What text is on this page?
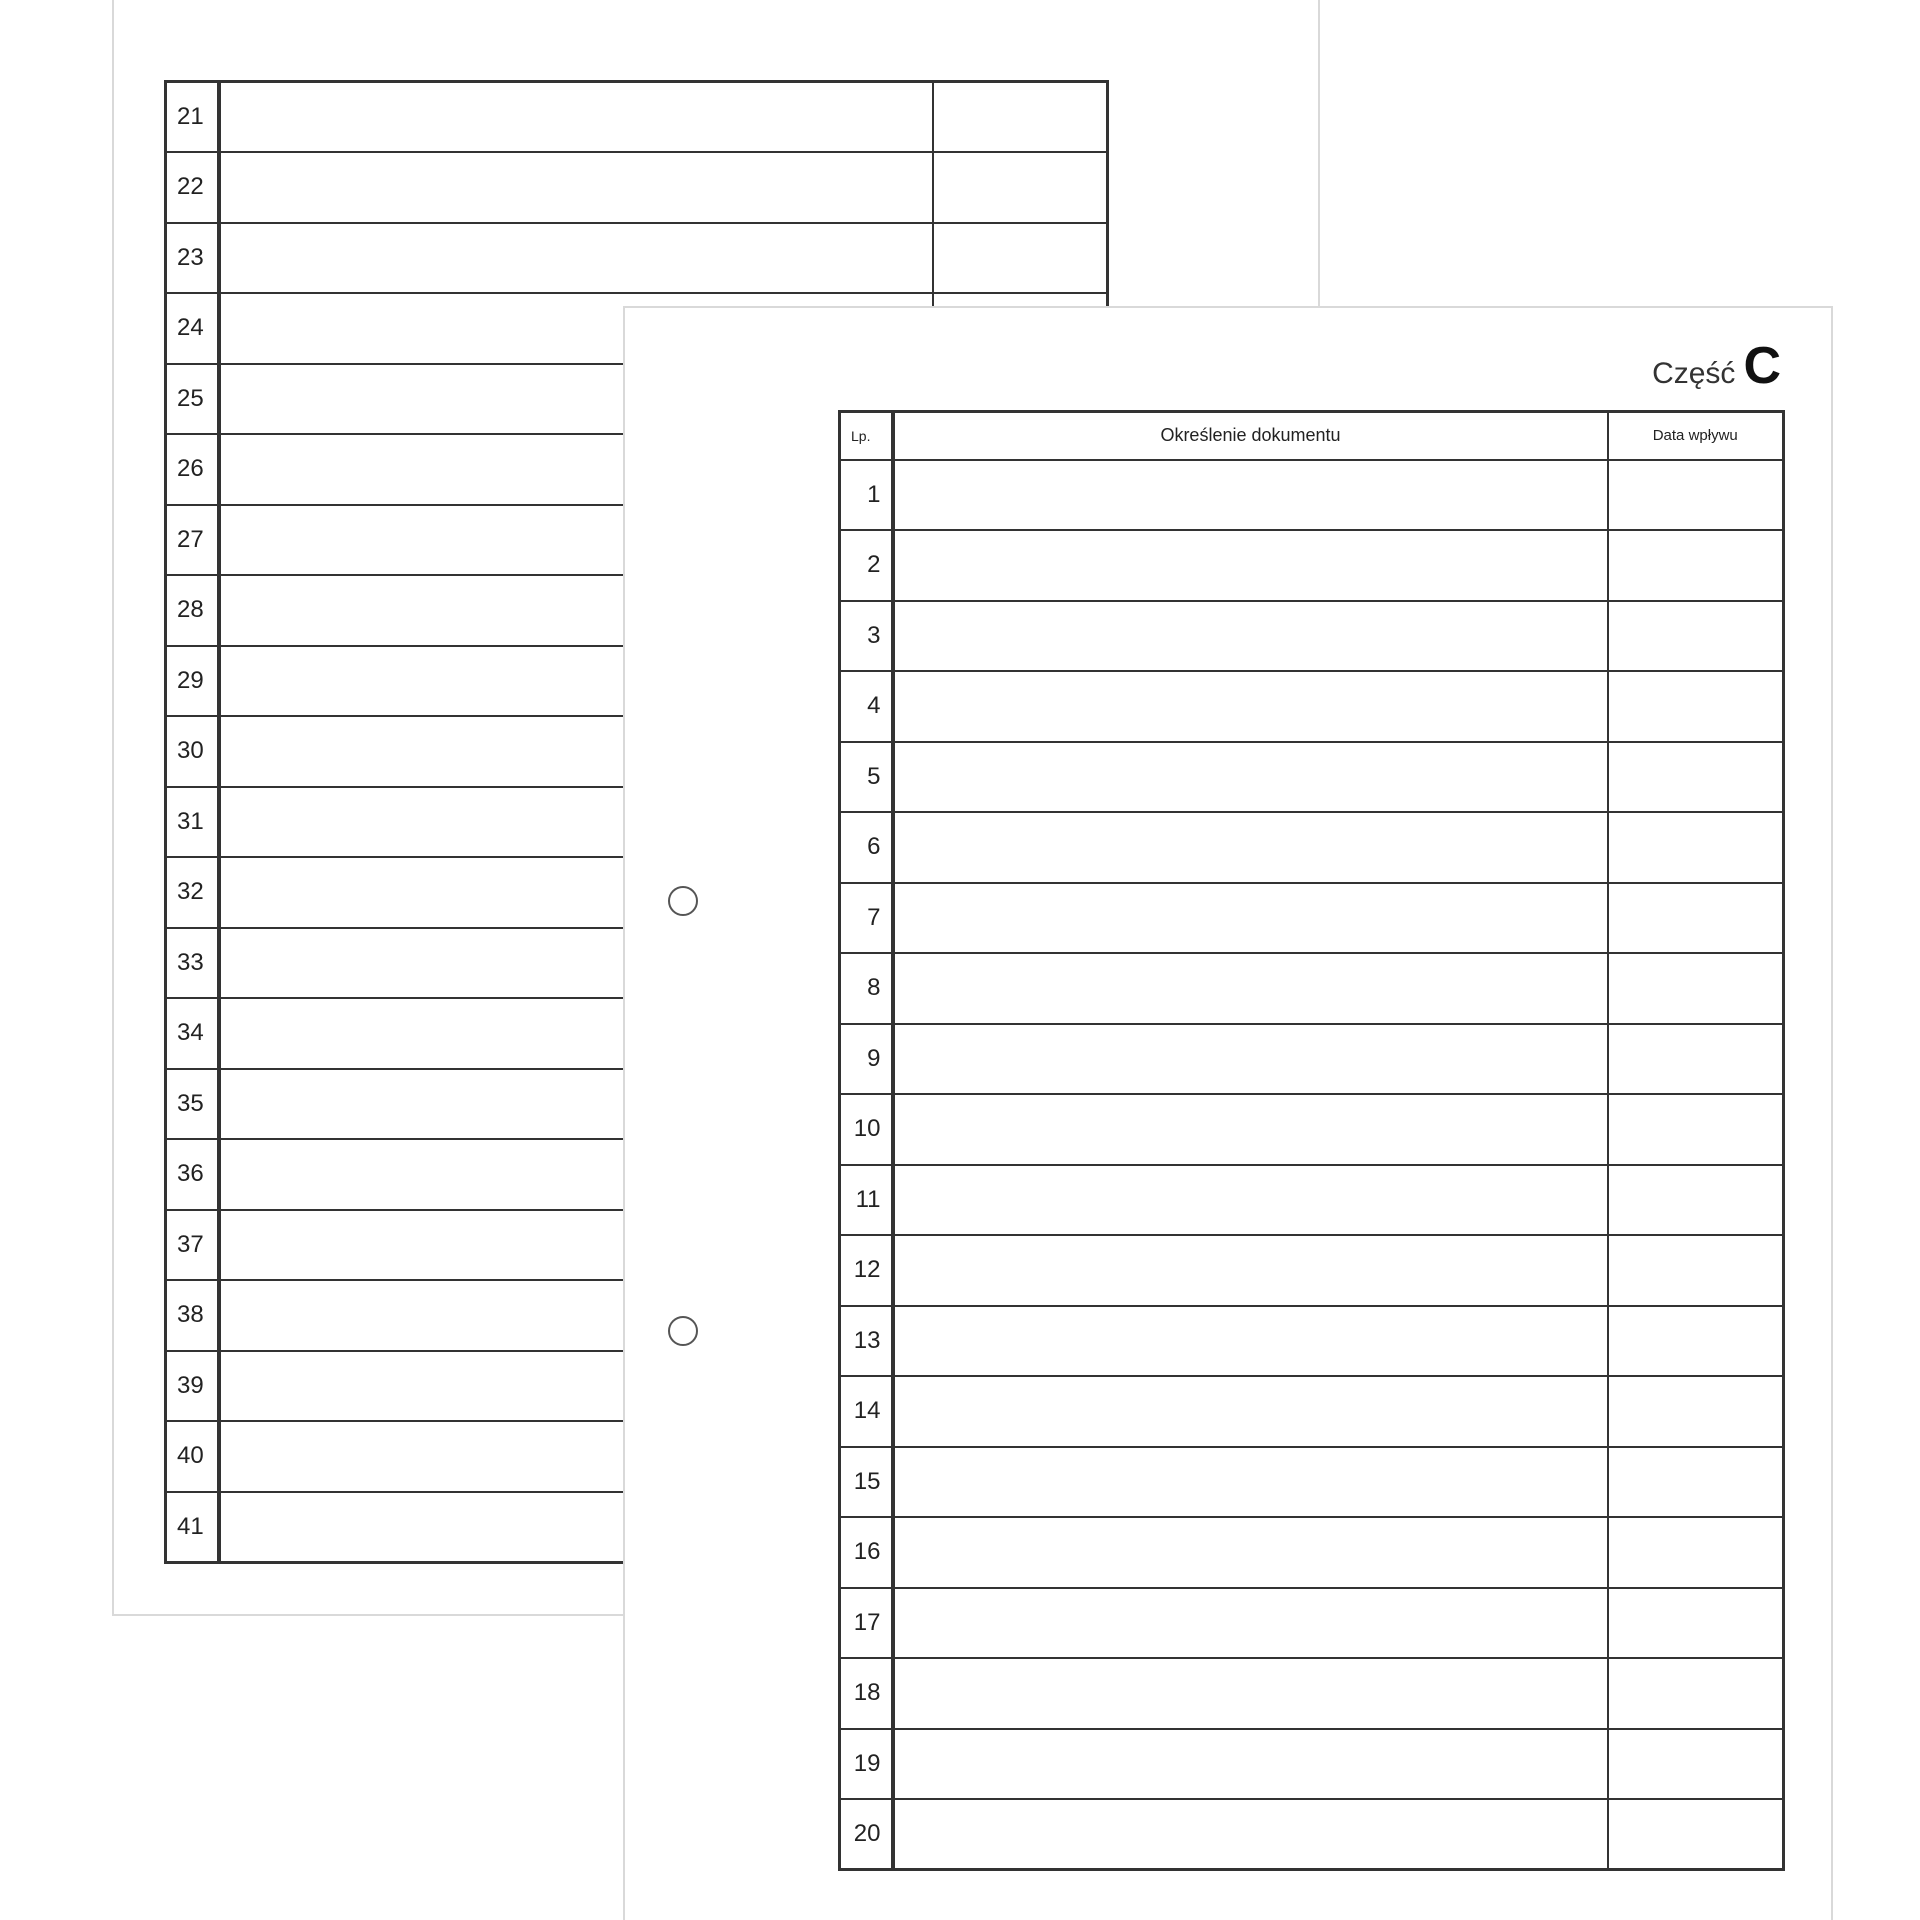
21		
22		
23		
24		
25		
26		
27		
28		
29		
30		
31		
32		
33		
34		
35		
36		
37		
38		
39		
40		
41		
Część C
Lp.	Określenie dokumentu	Data wpływu
1		
2		
3		
4		
5		
6		
7		
8		
9		
10		
11		
12		
13		
14		
15		
16		
17		
18		
19		
20		
